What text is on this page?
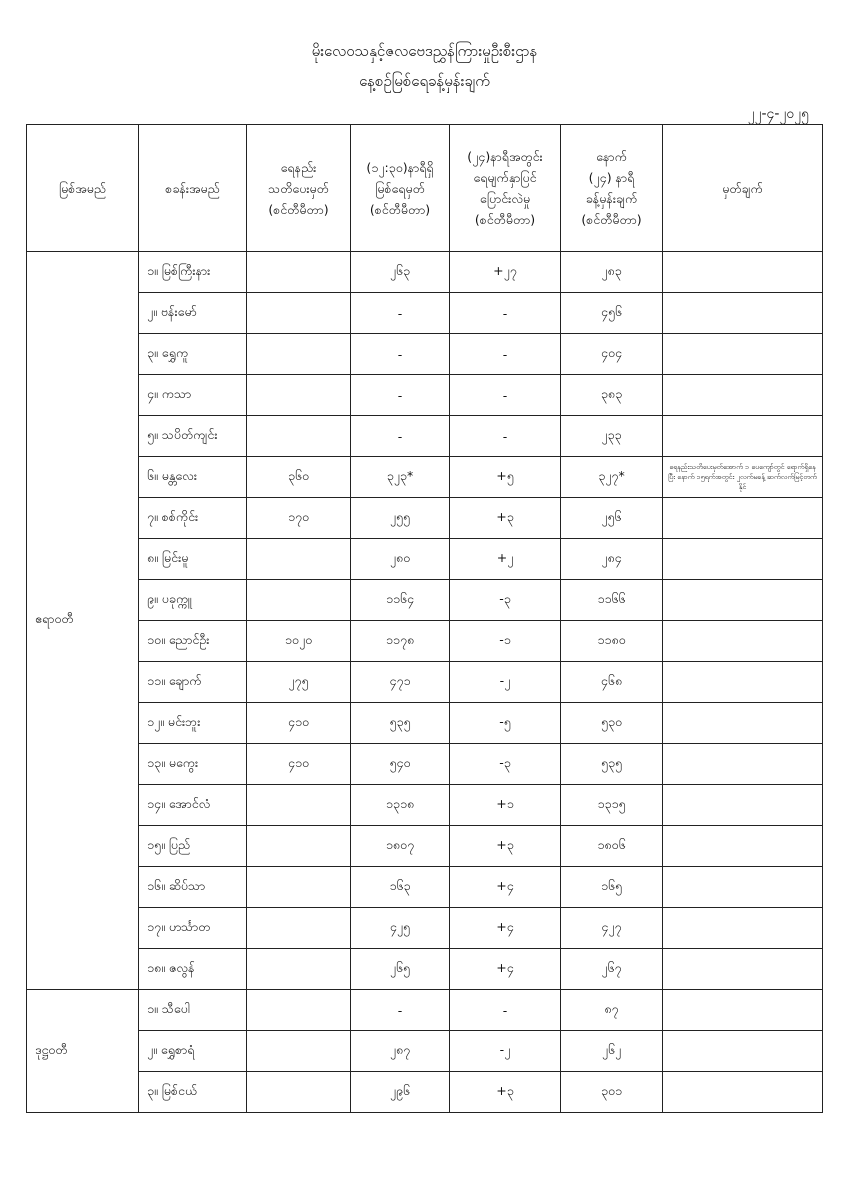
မိုးလေဝသနှင့်ဇလဗေဒညွှန်ကြားမှုဦးစီးဌာန
နေ့စဉ်မြစ်ရေခန့်မှန်းချက်
၂၂-၄-၂၀၂၅
မြစ်အမည်	စခန်းအမည်	ရေနည်း
သတိပေးမှတ်
(စင်တီမီတာ)	(၁၂:၃၀)နာရီရှိ
မြစ်ရေမှတ်
(စင်တီမီတာ)	(၂၄)နာရီအတွင်း
ရေမျက်နှာပြင်
ပြောင်းလဲမှု
(စင်တီမီတာ)	နောက်
(၂၄) နာရီ
ခန့်မှန်းချက်
(စင်တီမီတာ)	မှတ်ချက်
ဧရာဝတီ	၁။ မြစ်ကြီးနား		၂၆၃	+၂၇	၂၈၃	
	၂။ ဗန်းမော်		-	-	၄၅၆	
	၃။ ရွှေကူ		-	-	၄၀၄	
	၄။ ကသာ		-	-	၃၈၃	
	၅။ သပိတ်ကျင်း		-	-	၂၃၃	
	၆။ မန္တလေး	၃၆၀	၃၂၃*	+၅	၃၂၇*	ရေနည်းသတိပေးမှတ်အောက် ၁ ပေကျော်တွင် ရောက်ရှိနေပြီး နောက် ၁၅ရက်အတွင်း ၂လက်မခန့် ဆက်လက်မြင့်တက်နိုင်
	၇။ စစ်ကိုင်း	၁၇၀	၂၅၅	+၃	၂၅၆	
	၈။ မြင်းမူ		၂၈၀	+၂	၂၈၄	
	၉။ ပခုက္ကူ		၁၁၆၄	-၃	၁၁၆၆	
	၁၀။ ညောင်ဦး	၁၀၂၀	၁၁၇၈	-၁	၁၁၈၀	
	၁၁။ ချောက်	၂၇၅	၄၇၁	-၂	၄၆၈	
	၁၂။ မင်းဘူး	၄၁၀	၅၃၅	-၅	၅၃၀	
	၁၃။ မကွေး	၄၁၀	၅၄၀	-၃	၅၃၅	
	၁၄။ အောင်လံ		၁၃၁၈	+၁	၁၃၁၅	
	၁၅။ ပြည်		၁၈၀၇	+၃	၁၈၀၆	
	၁၆။ ဆိပ်သာ		၁၆၃	+၄	၁၆၅	
	၁၇။ ဟင်္သာတ		၄၂၅	+၄	၄၂၇	
	၁၈။ ဇလွန်		၂၆၅	+၄	၂၆၇	
ဒုဋ္ဌဝတီ	၁။ သီပေါ		-	-	၈၇	
	၂။ ရွှေစာရံ		၂၈၇	-၂	၂၆၂	
	၃။ မြစ်ငယ်		၂၉၆	+၃	၃၀၁	
